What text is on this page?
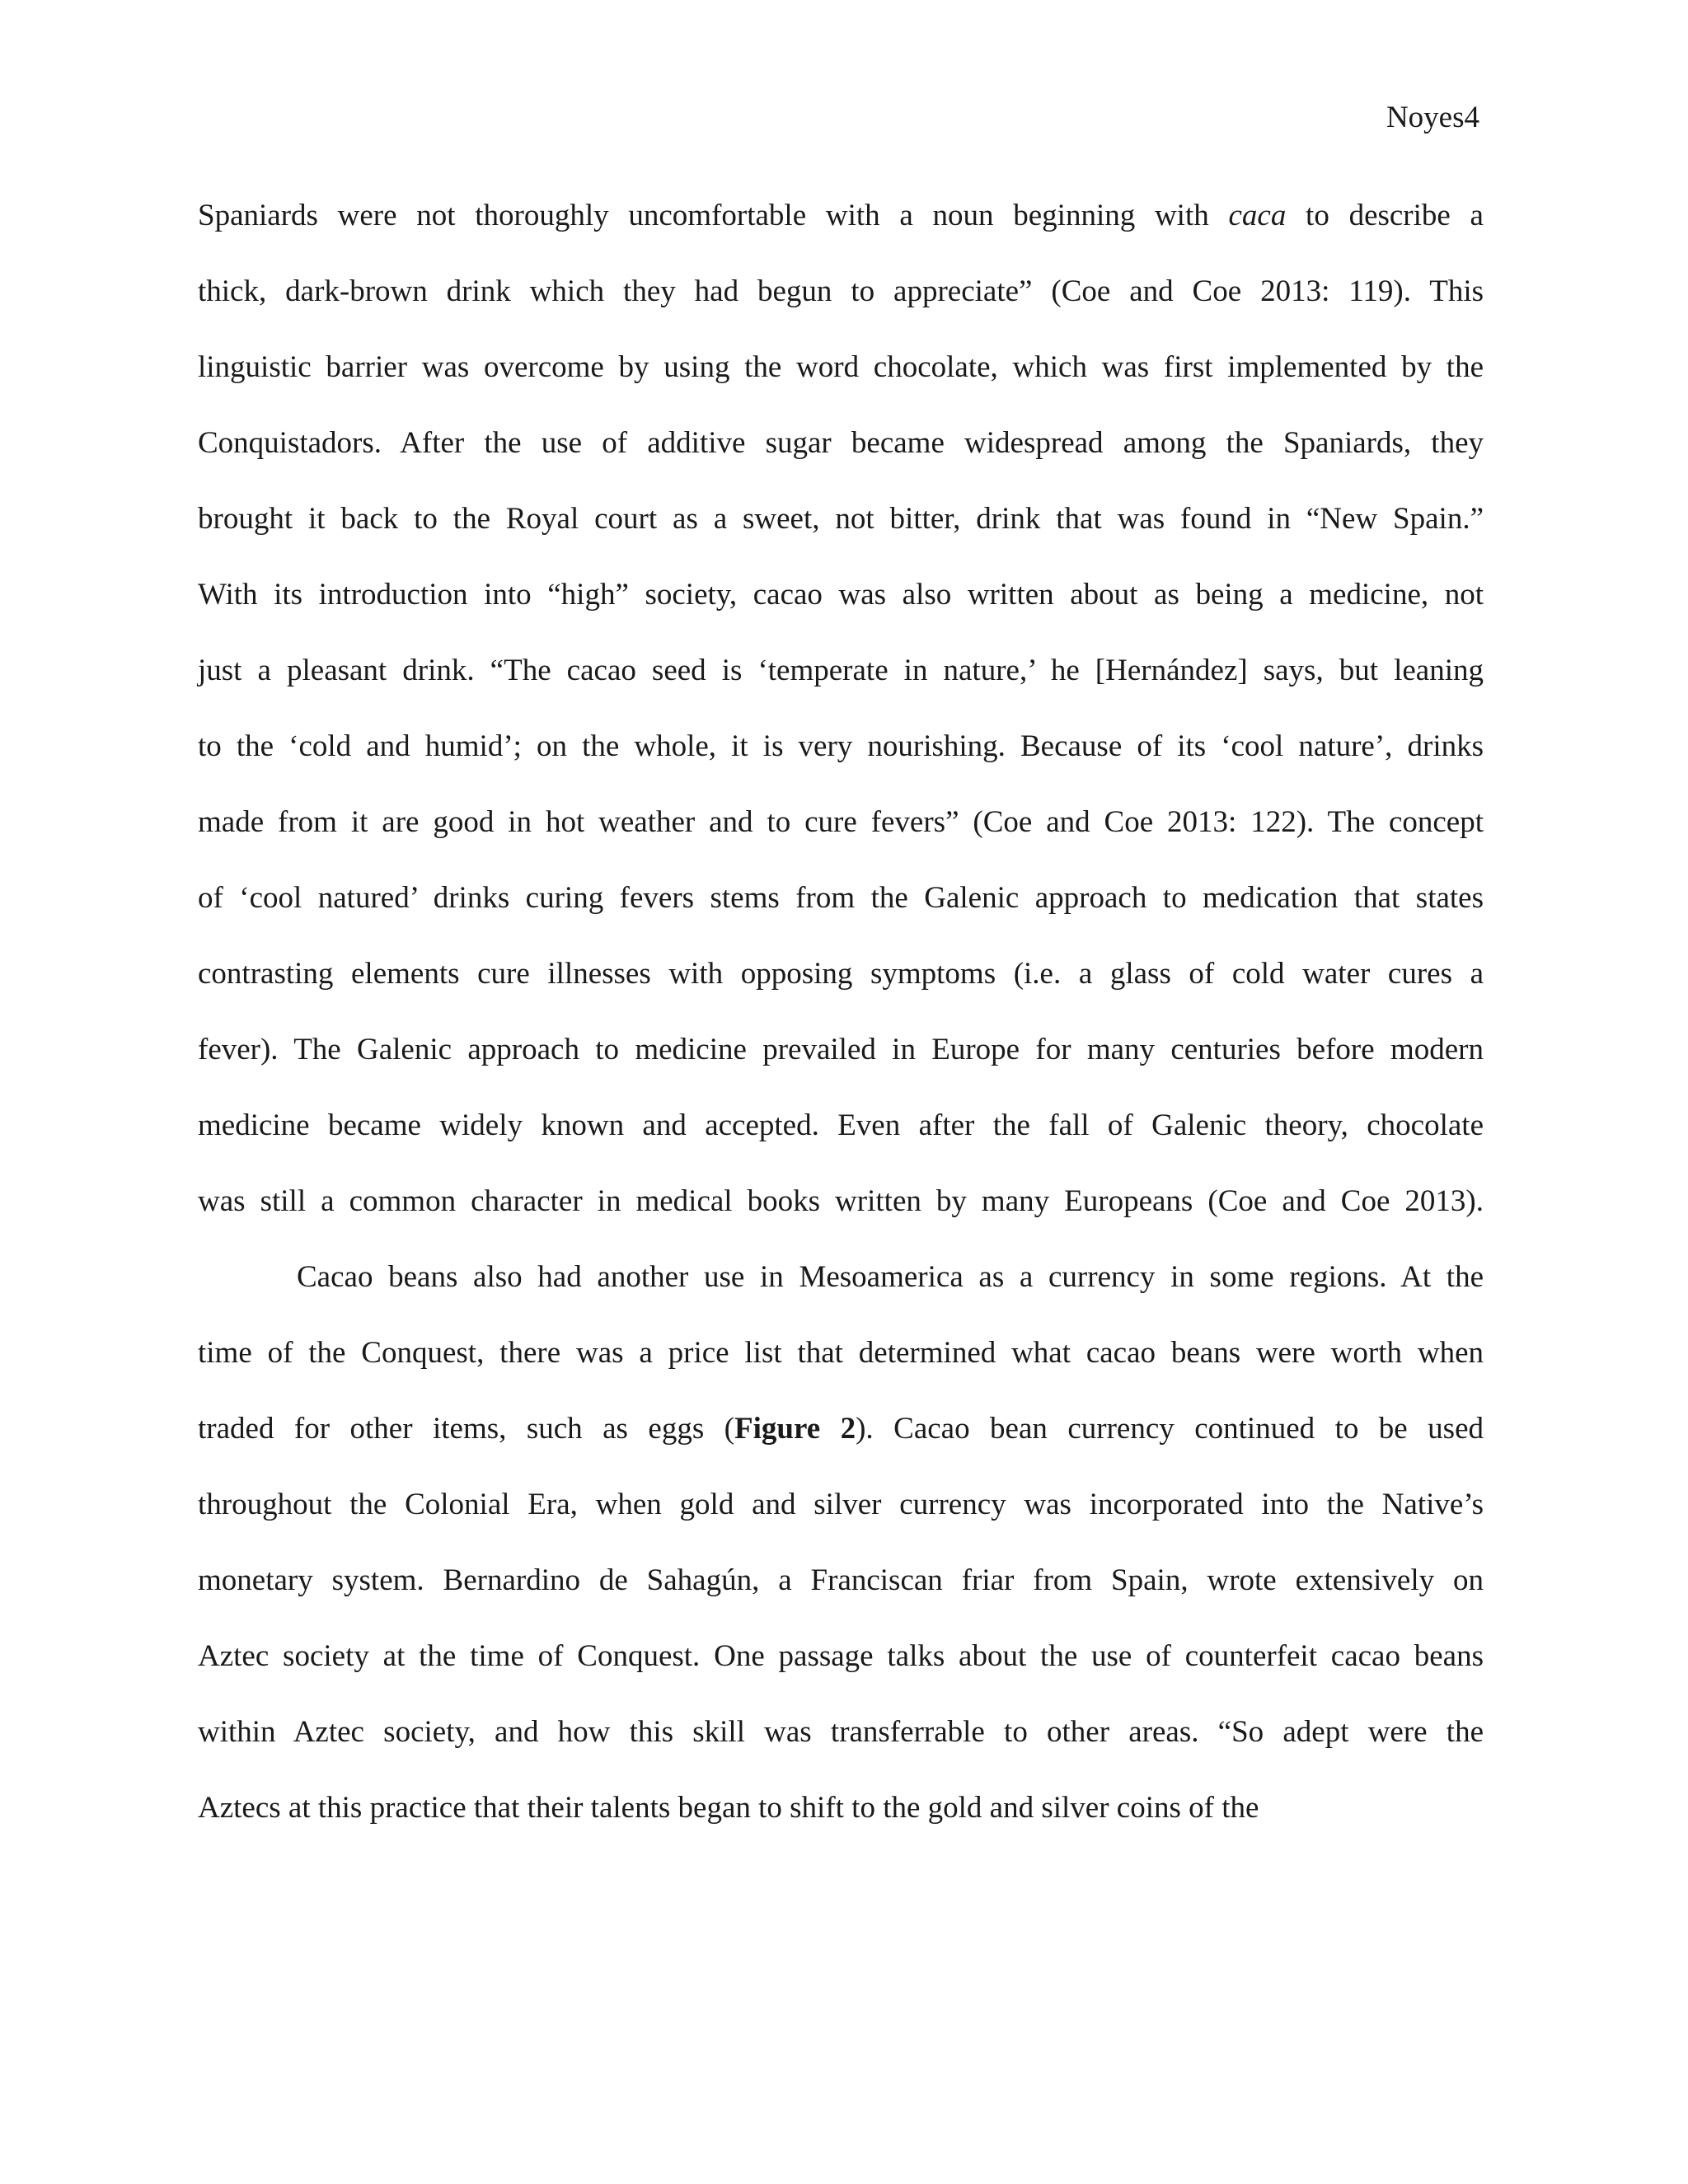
Noyes4
Spaniards were not thoroughly uncomfortable with a noun beginning with caca to describe a
thick, dark-brown drink which they had begun to appreciate” (Coe and Coe 2013: 119). This
linguistic barrier was overcome by using the word chocolate, which was first implemented by the
Conquistadors. After the use of additive sugar became widespread among the Spaniards, they
brought it back to the Royal court as a sweet, not bitter, drink that was found in “New Spain.”
With its introduction into “high” society, cacao was also written about as being a medicine, not
just a pleasant drink. “The cacao seed is ‘temperate in nature,’ he [Hernández] says, but leaning
to the ‘cold and humid’; on the whole, it is very nourishing. Because of its ‘cool nature’, drinks
made from it are good in hot weather and to cure fevers” (Coe and Coe 2013: 122). The concept
of ‘cool natured’ drinks curing fevers stems from the Galenic approach to medication that states
contrasting elements cure illnesses with opposing symptoms (i.e. a glass of cold water cures a
fever). The Galenic approach to medicine prevailed in Europe for many centuries before modern
medicine became widely known and accepted. Even after the fall of Galenic theory, chocolate
was still a common character in medical books written by many Europeans (Coe and Coe 2013).
Cacao beans also had another use in Mesoamerica as a currency in some regions. At the
time of the Conquest, there was a price list that determined what cacao beans were worth when
traded for other items, such as eggs (Figure 2). Cacao bean currency continued to be used
throughout the Colonial Era, when gold and silver currency was incorporated into the Native’s
monetary system. Bernardino de Sahagún, a Franciscan friar from Spain, wrote extensively on
Aztec society at the time of Conquest. One passage talks about the use of counterfeit cacao beans
within Aztec society, and how this skill was transferrable to other areas. “So adept were the
Aztecs at this practice that their talents began to shift to the gold and silver coins of the
